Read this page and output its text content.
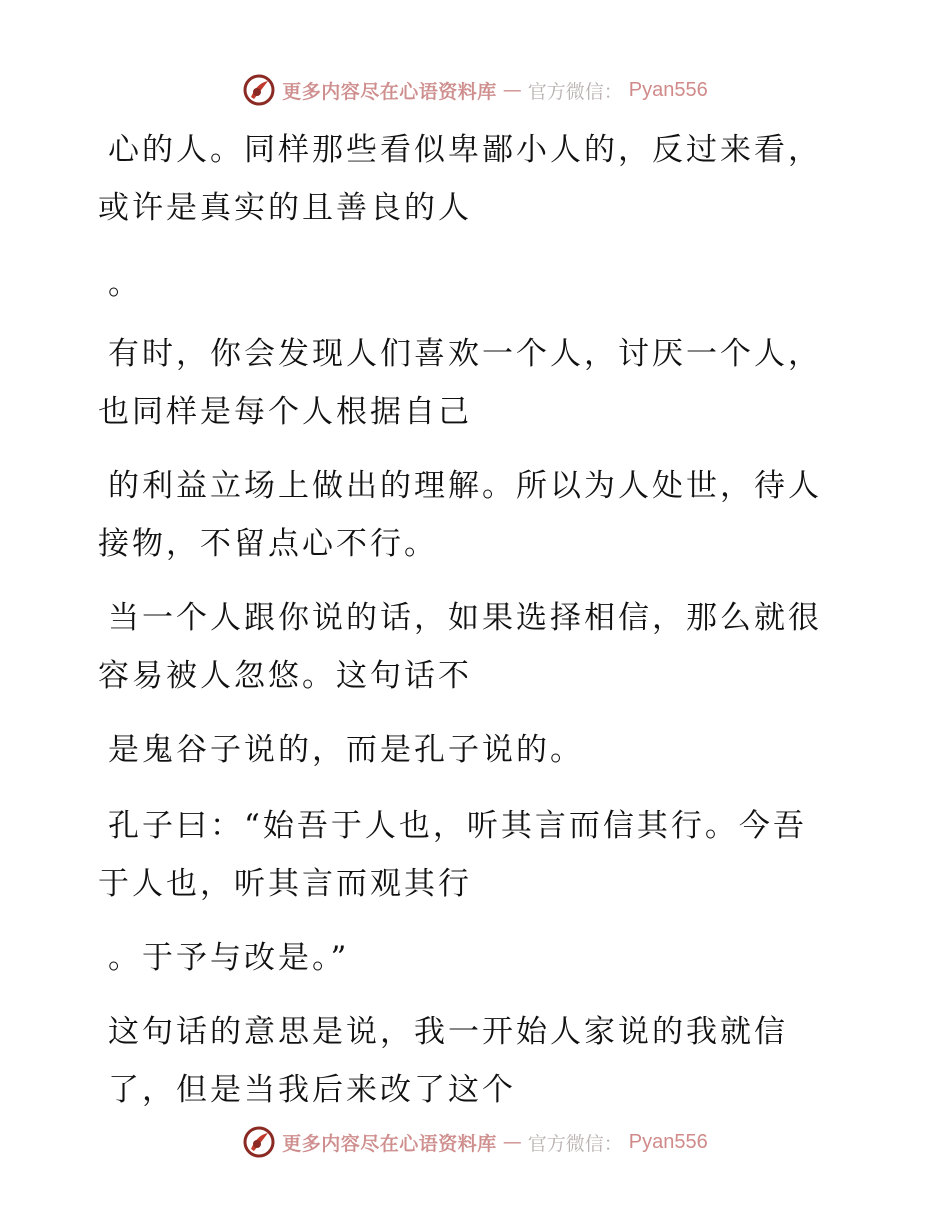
更多内容尽在心语资料库 — 官方微信： Pyan556
心的人。同样那些看似卑鄙小人的，反过来看，
或许是真实的且善良的人
。
有时，你会发现人们喜欢一个人，讨厌一个人，
也同样是每个人根据自己
的利益立场上做出的理解。所以为人处世，待人
接物，不留点心不行。
当一个人跟你说的话，如果选择相信，那么就很
容易被人忽悠。这句话不
是鬼谷子说的，而是孔子说的。
孔子曰：“始吾于人也，听其言而信其行。今吾
于人也，听其言而观其行
。于予与改是。”
这句话的意思是说，我一开始人家说的我就信
了，但是当我后来改了这个
更多内容尽在心语资料库 — 官方微信： Pyan556
